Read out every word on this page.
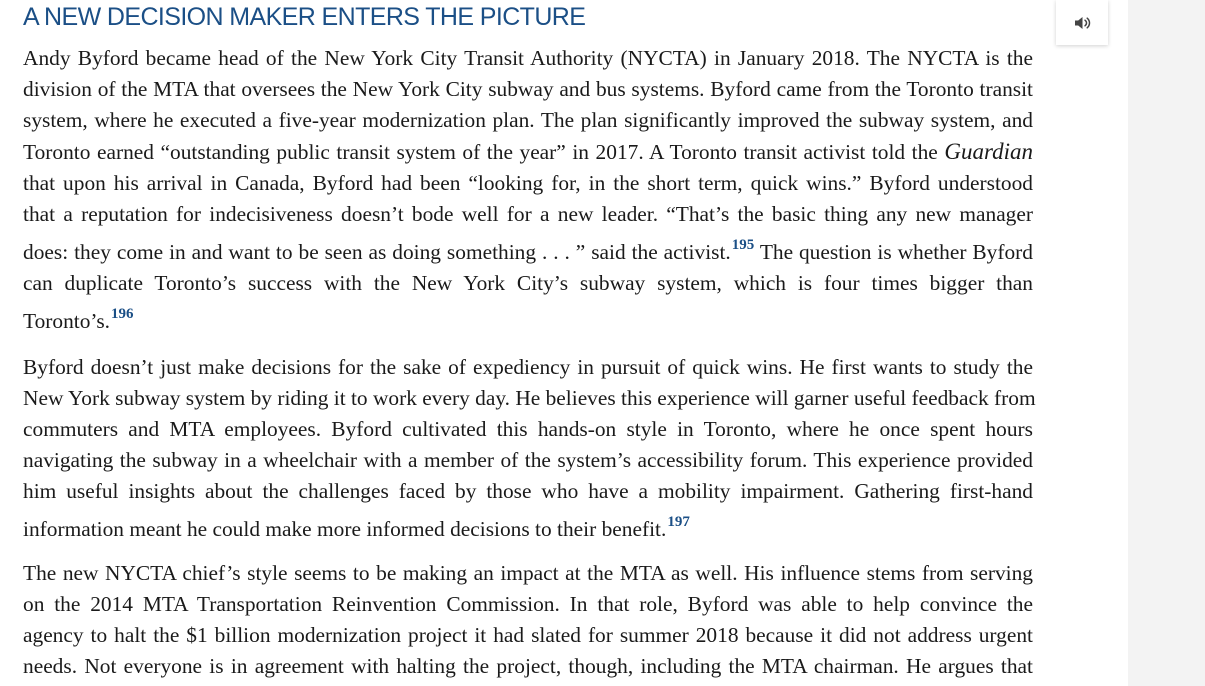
A NEW DECISION MAKER ENTERS THE PICTURE
Andy Byford became head of the New York City Transit Authority (NYCTA) in January 2018. The NYCTA is the
division of the MTA that oversees the New York City subway and bus systems. Byford came from the Toronto transit
system, where he executed a five-year modernization plan. The plan significantly improved the subway system, and
Toronto earned “outstanding public transit system of the year” in 2017. A Toronto transit activist told the Guardian
that upon his arrival in Canada, Byford had been “looking for, in the short term, quick wins.” Byford understood
that a reputation for indecisiveness doesn’t bode well for a new leader. “That’s the basic thing any new manager
does: they come in and want to be seen as doing something . . . ” said the activist.$^{195}$ The question is whether Byford
can duplicate Toronto’s success with the New York City’s subway system, which is four times bigger than
Toronto’s.$^{196}$
Byford doesn’t just make decisions for the sake of expediency in pursuit of quick wins. He first wants to study the
New York subway system by riding it to work every day. He believes this experience will garner useful feedback from
commuters and MTA employees. Byford cultivated this hands-on style in Toronto, where he once spent hours
navigating the subway in a wheelchair with a member of the system’s accessibility forum. This experience provided
him useful insights about the challenges faced by those who have a mobility impairment. Gathering first-hand
information meant he could make more informed decisions to their benefit.$^{197}$
The new NYCTA chief’s style seems to be making an impact at the MTA as well. His influence stems from serving
on the 2014 MTA Transportation Reinvention Commission. In that role, Byford was able to help convince the
agency to halt the $1 billion modernization project it had slated for summer 2018 because it did not address urgent
needs. Not everyone is in agreement with halting the project, though, including the MTA chairman. He argues that
